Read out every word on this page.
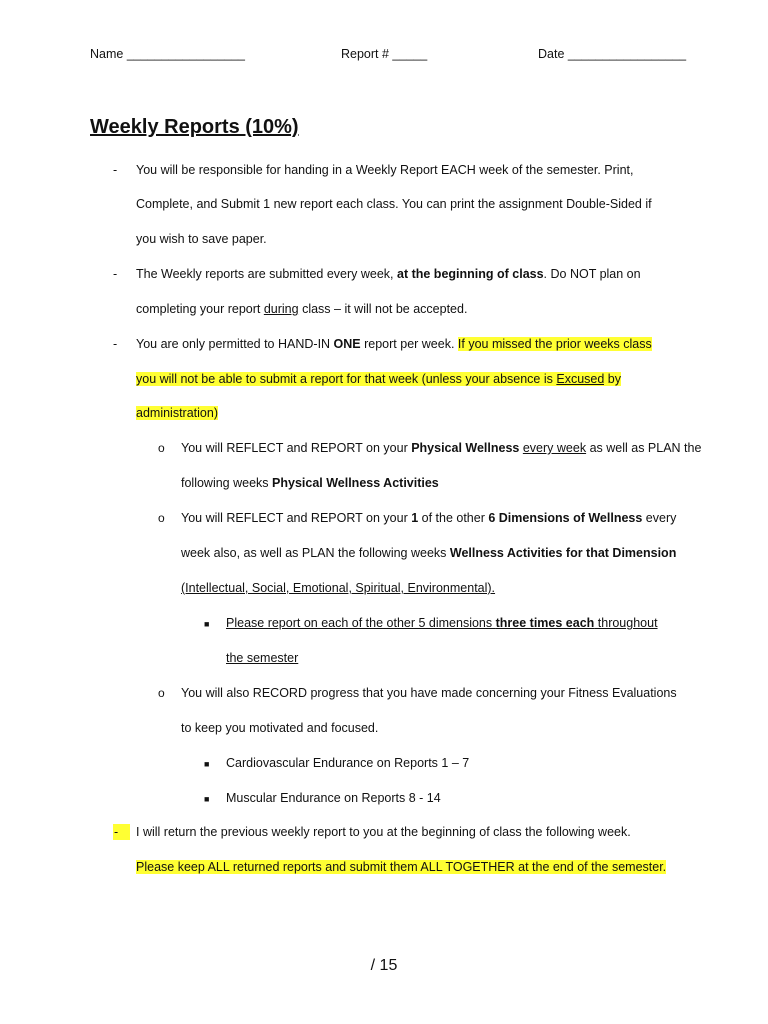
Name _________________	Report # _____	Date _________________
Weekly Reports (10%)
- You will be responsible for handing in a Weekly Report EACH week of the semester. Print,
Complete, and Submit 1 new report each class. You can print the assignment Double-Sided if
you wish to save paper.
- The Weekly reports are submitted every week, at the beginning of class. Do NOT plan on
completing your report during class – it will not be accepted.
- You are only permitted to HAND-IN ONE report per week. If you missed the prior weeks class
you will not be able to submit a report for that week (unless your absence is Excused by
administration)
o You will REFLECT and REPORT on your Physical Wellness every week as well as PLAN the
following weeks Physical Wellness Activities
o You will REFLECT and REPORT on your 1 of the other 6 Dimensions of Wellness every
week also, as well as PLAN the following weeks Wellness Activities for that Dimension
(Intellectual, Social, Emotional, Spiritual, Environmental).
■ Please report on each of the other 5 dimensions three times each throughout
the semester
o You will also RECORD progress that you have made concerning your Fitness Evaluations
to keep you motivated and focused.
■ Cardiovascular Endurance on Reports 1 – 7
■ Muscular Endurance on Reports 8 - 14
-	I will return the previous weekly report to you at the beginning of class the following week.
Please keep ALL returned reports and submit them ALL TOGETHER at the end of the semester.
/ 15
